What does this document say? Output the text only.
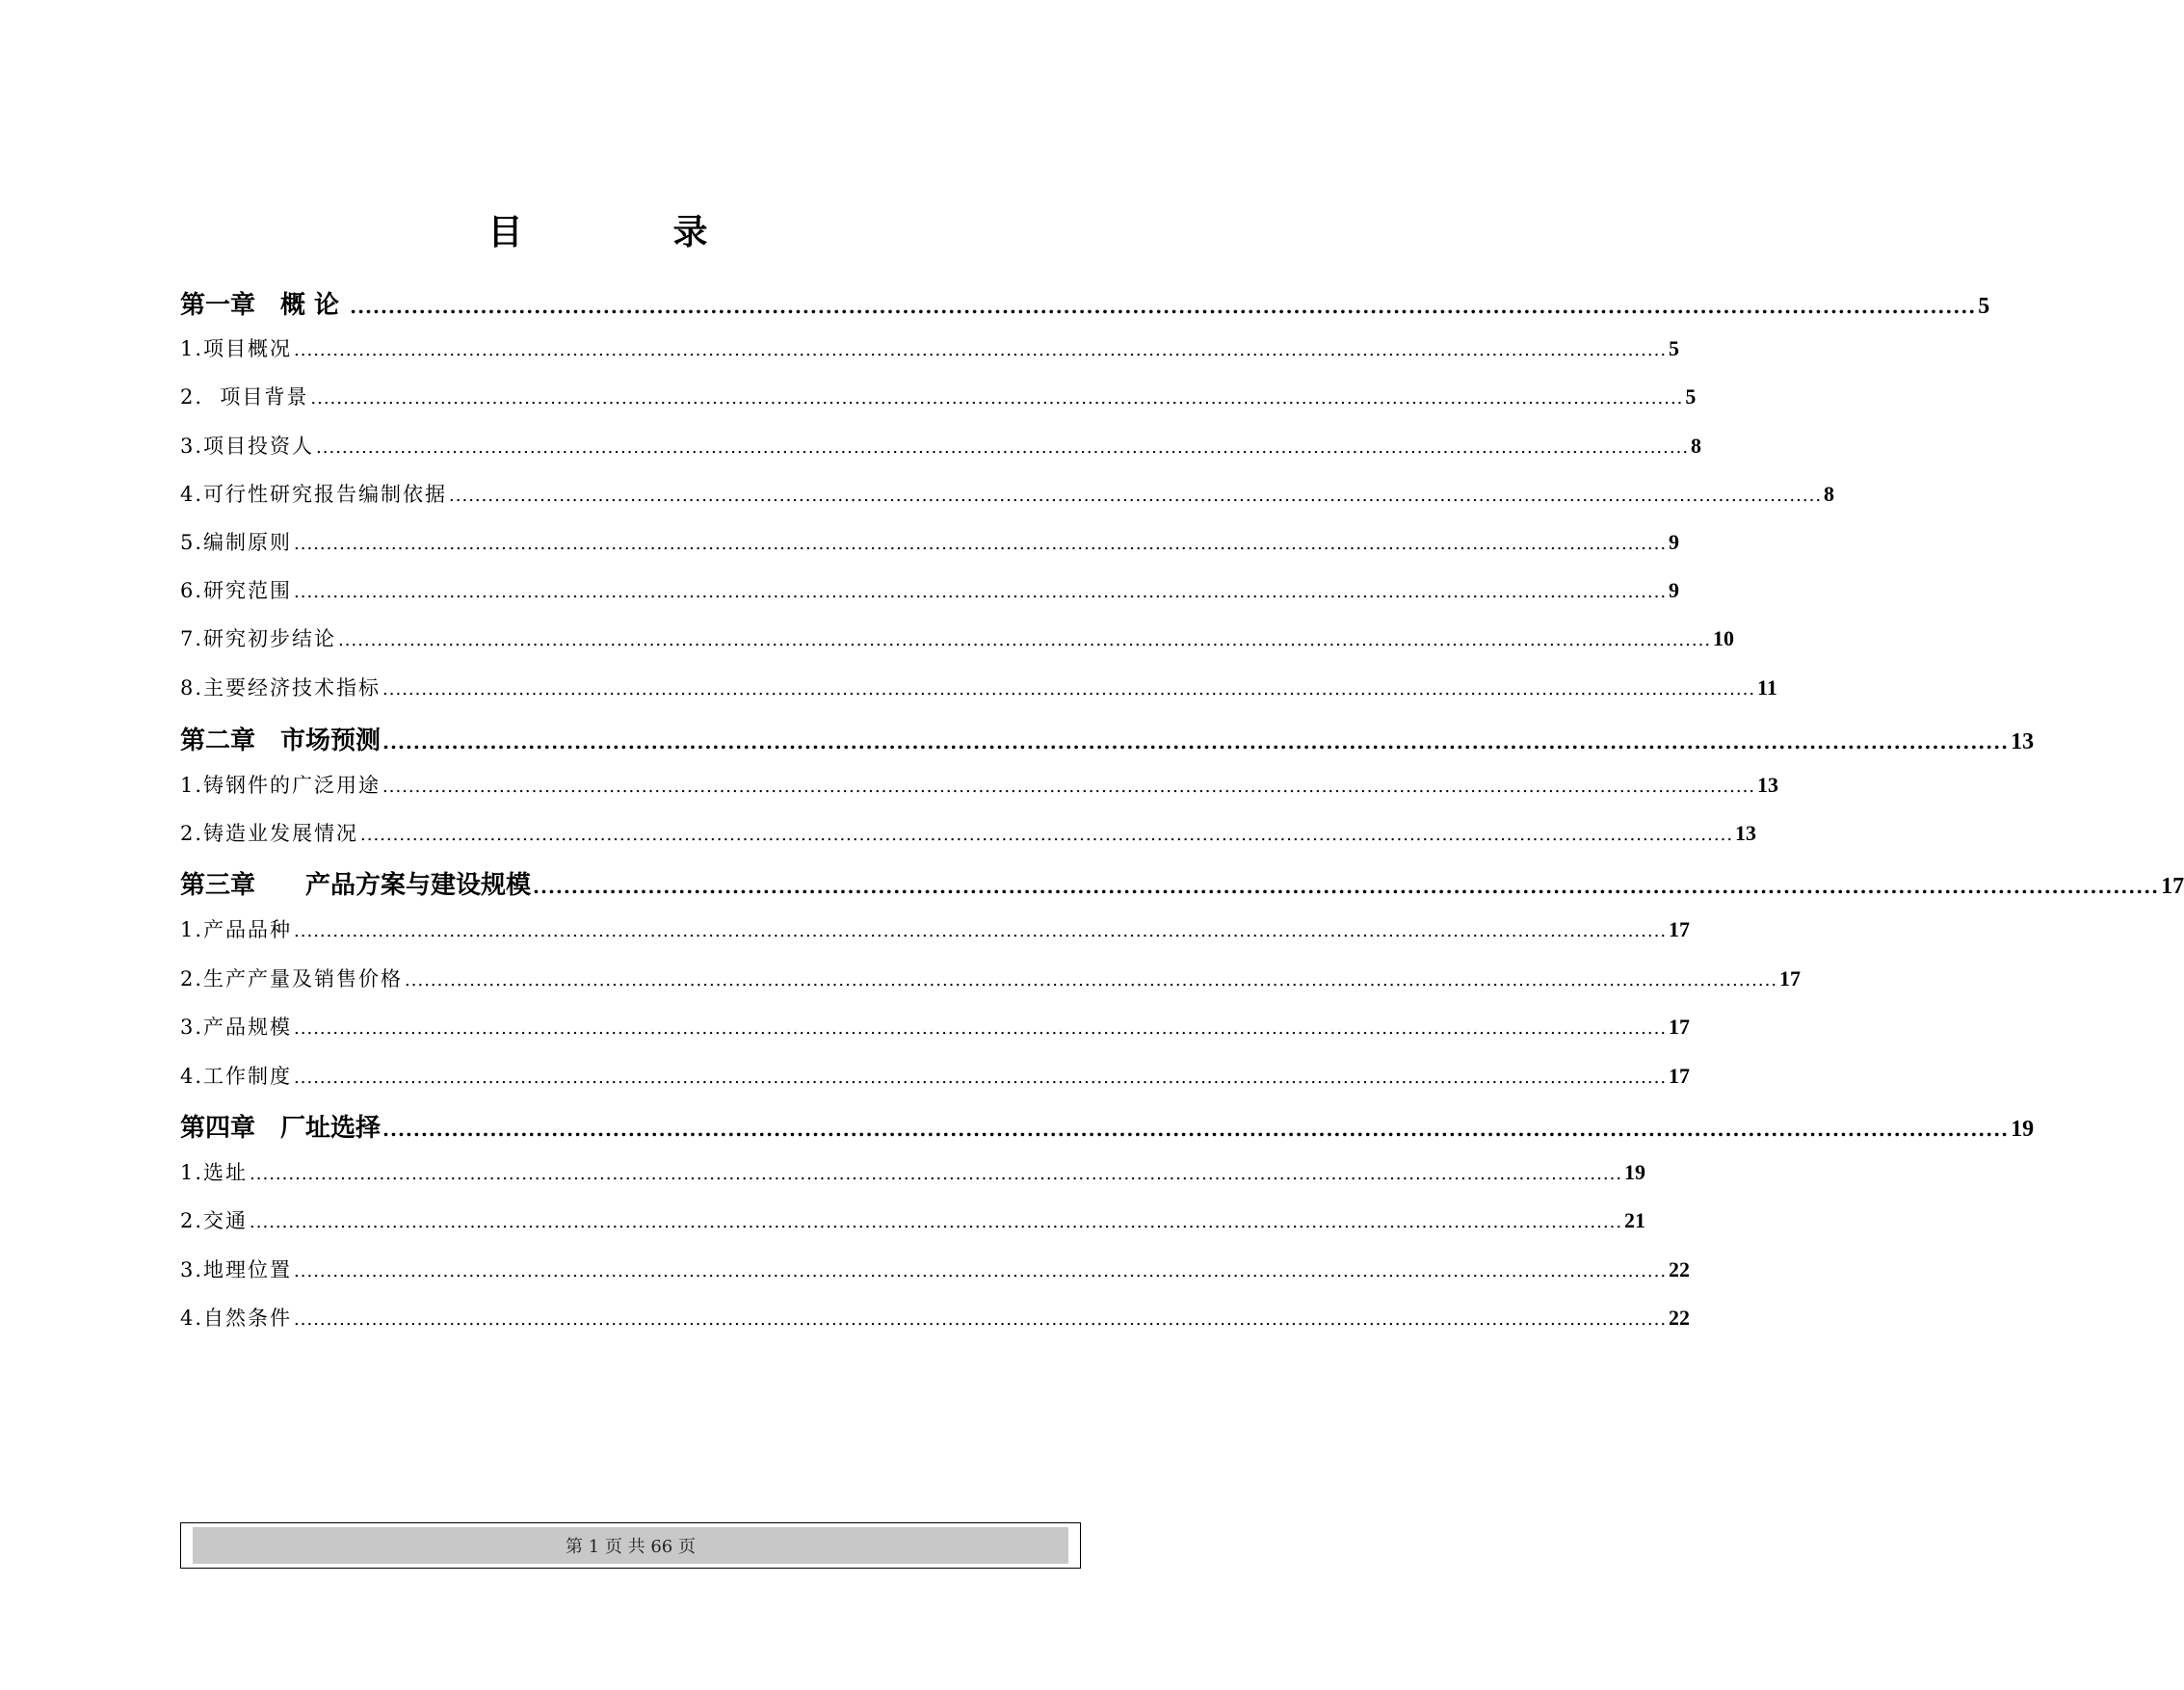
目　录
第一章　概 论 .................................................................................................................................................................................................................... 5
1.项目概况 .................................................................................................................................................................................................................... 5
2.  项目背景 .................................................................................................................................................................................................................... 5
3.项目投资人 .................................................................................................................................................................................................................... 8
4.可行性研究报告编制依据 .................................................................................................................................................................................................................... 8
5.编制原则 .................................................................................................................................................................................................................... 9
6.研究范围 .................................................................................................................................................................................................................... 9
7.研究初步结论 .................................................................................................................................................................................................................... 10
8.主要经济技术指标 .................................................................................................................................................................................................................... 11
第二章　市场预测 .................................................................................................................................................................................................................... 13
1.铸钢件的广泛用途 .................................................................................................................................................................................................................... 13
2.铸造业发展情况 .................................................................................................................................................................................................................... 13
第三章　　产品方案与建设规模 .................................................................................................................................................................................................................... 17
1.产品品种 .................................................................................................................................................................................................................... 17
2.生产产量及销售价格 .................................................................................................................................................................................................................... 17
3.产品规模 .................................................................................................................................................................................................................... 17
4.工作制度 .................................................................................................................................................................................................................... 17
第四章　厂址选择 .................................................................................................................................................................................................................... 19
1.选址 .................................................................................................................................................................................................................... 19
2.交通 .................................................................................................................................................................................................................... 21
3.地理位置 .................................................................................................................................................................................................................... 22
4.自然条件 .................................................................................................................................................................................................................... 22
第 1 页 共 66 页
